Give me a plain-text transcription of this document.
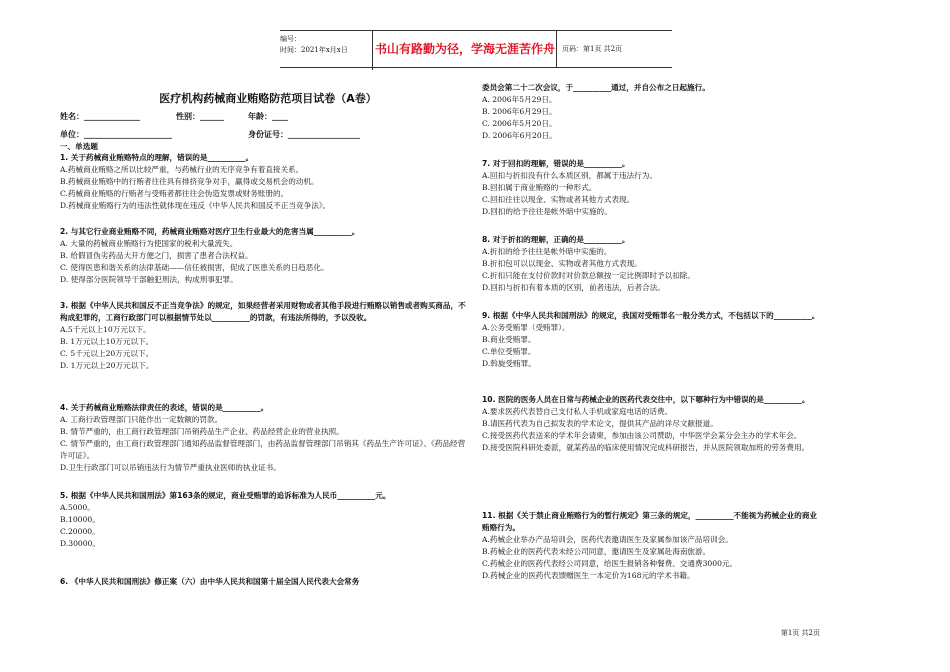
编号：
时间：2021年x月x日	书山有路勤为径，学海无涯苦作舟 页码：第1页 共2页
医疗机构药械商业贿赂防范项目试卷（A卷）
姓名：______________	性别：______	年龄：____
单位：______________________	身份证号：__________________
一、单选题
1. 关于药械商业贿赂特点的理解，错误的是__________。
A.药械商业贿赂之所以比较严重，与药械行业的无序竞争有着直接关系。
B.药械商业贿赂中的行贿者往往具有排挤竞争对手，赢得或交易机会的动机。
C.药械商业贿赂的行贿者与受贿者都往往会伪造发票或财务账册的。
D.药械商业贿赂行为的违法性就体现在违反《中华人民共和国反不正当竞争法》。
2. 与其它行业商业贿赂不同，药械商业贿赂对医疗卫生行业最大的危害当属__________。
A. 大量的药械商业贿赂行为使国家的税利大量流失。
B. 给假冒伪劣药品大开方便之门，损害了患者合法权益。
C. 使得医患和谐关系的法律基础——信任被损害，促成了医患关系的日趋恶化。
D. 使得部分医院领导干部触犯刑法，构成刑事犯罪。
3. 根据《中华人民共和国反不正当竞争法》的规定，如果经营者采用财物或者其他手段进行贿赂以销售或者购买商品，不构成犯罪的，工商行政部门可以根据情节处以__________的罚款，有违法所得的，予以没收。
A.5千元以上10万元以下。
B. 1万元以上10万元以下。
C. 5千元以上20万元以下。
D. 1万元以上20万元以下。
4. 关于药械商业贿赂法律责任的表述，错误的是__________。
A. 工商行政管理部门只能作出一定数额的罚款。
B. 情节严重的，由工商行政管理部门吊销药品生产企业、药品经营企业的营业执照。
C. 情节严重的，由工商行政管理部门通知药品监督管理部门，由药品监督管理部门吊销其《药品生产许可证》、《药品经营许可证》。
D.卫生行政部门可以吊销违法行为情节严重执业医师的执业证书。
5. 根据《中华人民共和国刑法》第163条的规定，商业受贿罪的追诉标准为人民币__________元。
A.5000。
B.10000。
C.20000。
D.30000。
6. 《中华人民共和国刑法》修正案（六）由中华人民共和国第十届全国人民代表大会常务
委员会第二十二次会议，于__________通过，并自公布之日起施行。
A. 2006年5月29日。
B. 2006年6月29日。
C. 2006年5月20日。
D. 2006年6月20日。
7. 对于回扣的理解，错误的是__________。
A.回扣与折扣没有什么本质区别，都属于违法行为。
B.回扣属于商业贿赂的一种形式。
C.回扣往往以现金、实物或者其他方式表现。
D.回扣的给予往往是帐外暗中实施的。
8. 对于折扣的理解，正确的是__________。
A.折扣的给予往往是帐外暗中实施的。
B.折扣包可以以现金、实物或者其他方式表现。
C.折扣只能在支付价款时对价款总额按一定比例即时予以扣除。
D.回扣与折扣有着本质的区别，前者违法，后者合法。
9. 根据《中华人民共和国刑法》的规定，我国对受贿罪名一般分类方式，不包括以下的__________。
A.公务受贿罪（受贿罪）。
B.商业受贿罪。
C.单位受贿罪。
D.斡旋受贿罪。
10. 医院的医务人员在日常与药械企业的医药代表交往中，以下哪种行为中错误的是__________。
A.要求医药代表替自己支付私人手机或家庭电话的话费。
B.请医药代表为自己拟发表的学术论文，提供其产品的详尽文献报道。
C.接受医药代表送来的学术年会请柬，参加由该公司赞助，中华医学会某分会主办的学术年会。
D.接受医院科研处委派，就某药品的临床使用情况完成科研报告，并从医院领取加班的劳务费用。
11. 根据《关于禁止商业贿赂行为的暂行规定》第三条的规定，__________不能视为药械企业的商业贿赂行为。
A.药械企业举办产品培训会，医药代表邀请医生及家属参加该产品培训会。
B.药械企业的医药代表未经公司同意，邀请医生及家属赴海南旅游。
C.药械企业的医药代表经公司同意，给医生报销各种餐费、交通费3000元。
D.药械企业的医药代表馈赠医生一本定价为168元的学术书籍。
第1页 共2页
